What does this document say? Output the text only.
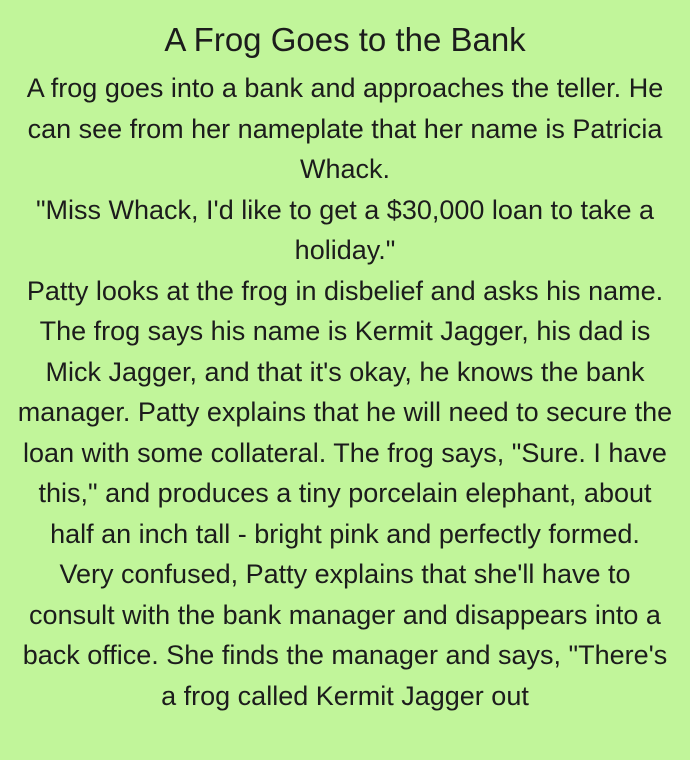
A Frog Goes to the Bank

A frog goes into a bank and approaches the teller. He can see from her nameplate that her name is Patricia Whack.

"Miss Whack, I'd like to get a $30,000 loan to take a holiday."

Patty looks at the frog in disbelief and asks his name. The frog says his name is Kermit Jagger, his dad is Mick Jagger, and that it's okay, he knows the bank manager. Patty explains that he will need to secure the loan with some collateral. The frog says, "Sure. I have this," and produces a tiny porcelain elephant, about half an inch tall - bright pink and perfectly formed.

Very confused, Patty explains that she'll have to consult with the bank manager and disappears into a back office. She finds the manager and says, "There's a frog called Kermit Jagger out
